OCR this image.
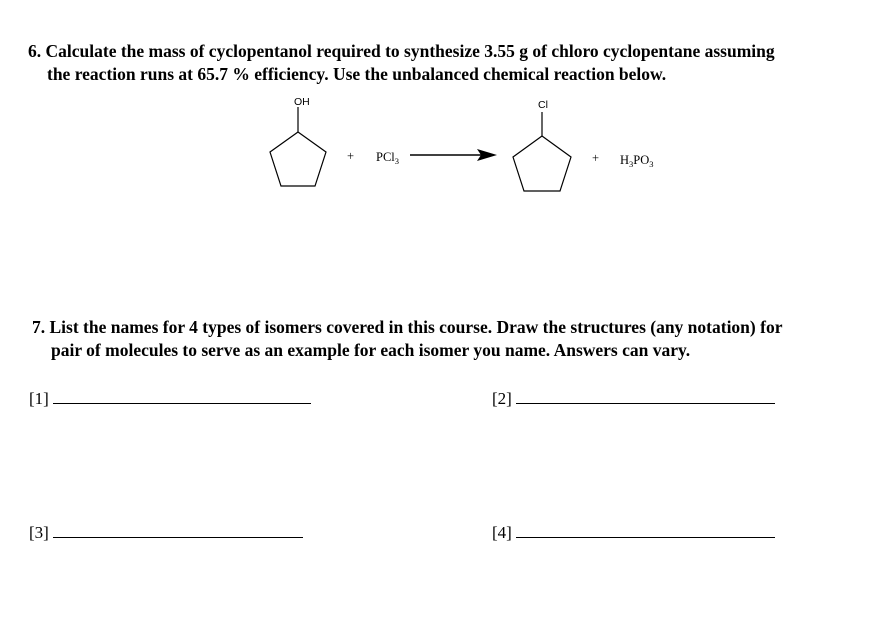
6. Calculate the mass of cyclopentanol required to synthesize 3.55 g of chloro cyclopentane assuming
the reaction runs at 65.7 % efficiency. Use the unbalanced chemical reaction below.
OH
+ PCl$_3$
Cl
+ $H_3PO_3$
7. List the names for 4 types of isomers covered in this course. Draw the structures (any notation) for
pair of molecules to serve as an example for each isomer you name. Answers can vary.
[1]	[2]
[3]	[4]
